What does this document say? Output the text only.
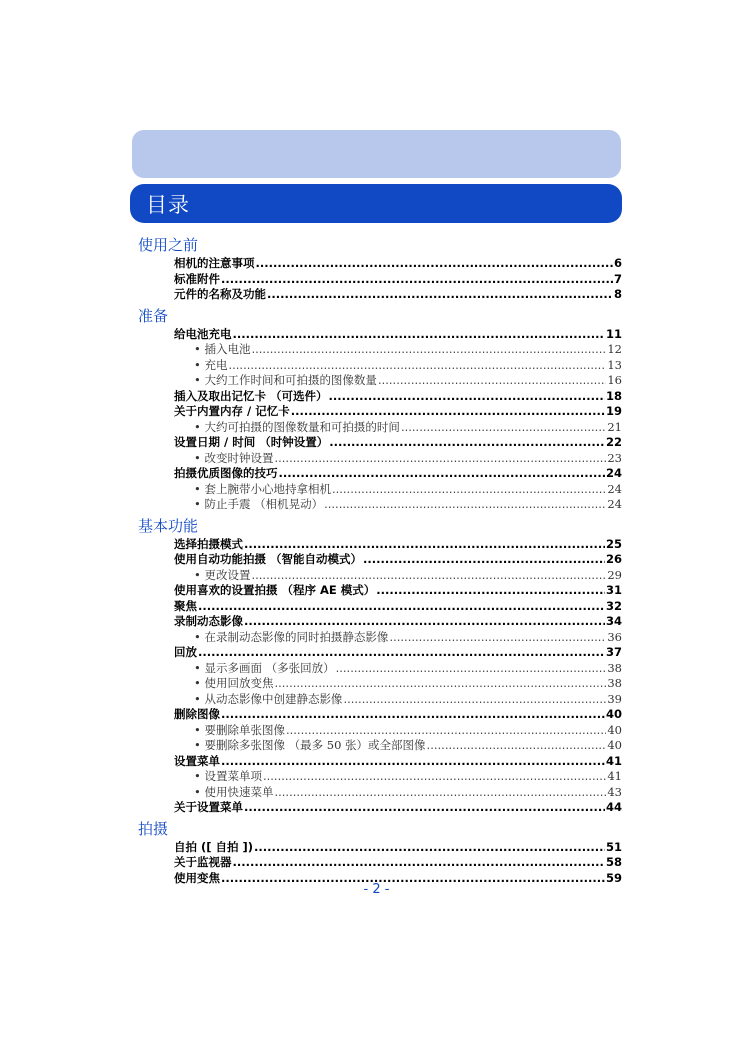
目录
使用之前
相机的注意事项 .....	6
标准附件 .....	7
元件的名称及功能 .....	8
准备
给电池充电 .....	11
• 插入电池 .....	12
• 充电 .....	13
• 大约工作时间和可拍摄的图像数量 .....	16
插入及取出记忆卡 （可选件） .....	18
关于内置内存 / 记忆卡 .....	19
• 大约可拍摄的图像数量和可拍摄的时间 .....	21
设置日期 / 时间 （时钟设置） .....	22
• 改变时钟设置 .....	23
拍摄优质图像的技巧 .....	24
• 套上腕带小心地持拿相机 .....	24
• 防止手震 （相机晃动） .....	24
基本功能
选择拍摄模式 .....	25
使用自动功能拍摄 （智能自动模式） .....	26
• 更改设置 .....	29
使用喜欢的设置拍摄 （程序 AE 模式） .....	31
聚焦 .....	32
录制动态影像 .....	34
• 在录制动态影像的同时拍摄静态影像 .....	36
回放 .....	37
• 显示多画面 （多张回放） .....	38
• 使用回放变焦 .....	38
• 从动态影像中创建静态影像 .....	39
删除图像 .....	40
• 要删除单张图像 .....	40
• 要删除多张图像 （最多 50 张）或全部图像 .....	40
设置菜单 .....	41
• 设置菜单项 .....	41
• 使用快速菜单 .....	43
关于设置菜单 .....	44
拍摄
自拍 ([ 自拍 ]) .....	51
关于监视器 .....	58
使用变焦 .....	59
- 2 -
